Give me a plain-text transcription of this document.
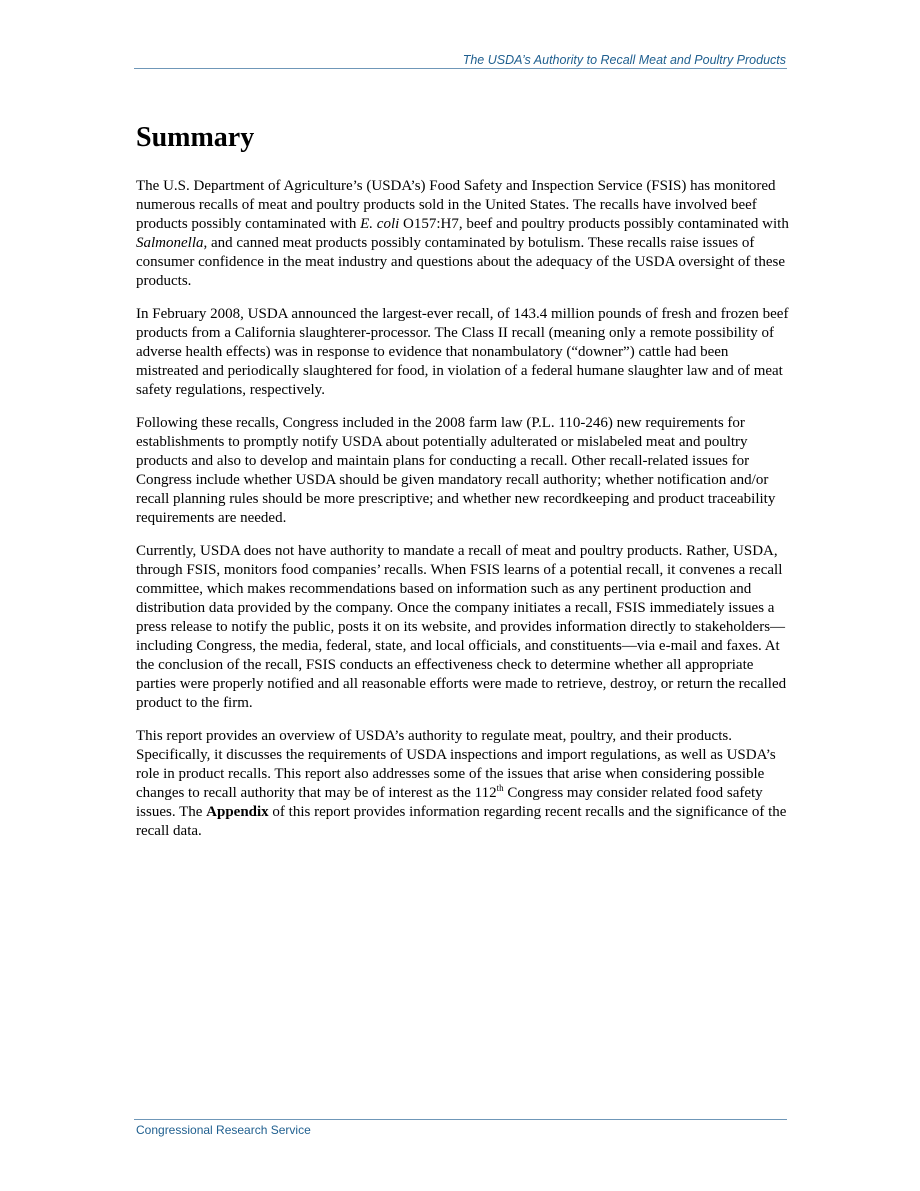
The USDA’s Authority to Recall Meat and Poultry Products
Summary

The U.S. Department of Agriculture’s (USDA’s) Food Safety and Inspection Service (FSIS) has monitored numerous recalls of meat and poultry products sold in the United States. The recalls have involved beef products possibly contaminated with E. coli O157:H7, beef and poultry products possibly contaminated with Salmonella, and canned meat products possibly contaminated by botulism. These recalls raise issues of consumer confidence in the meat industry and questions about the adequacy of the USDA oversight of these products.

In February 2008, USDA announced the largest-ever recall, of 143.4 million pounds of fresh and frozen beef products from a California slaughterer-processor. The Class II recall (meaning only a remote possibility of adverse health effects) was in response to evidence that nonambulatory (“downer”) cattle had been mistreated and periodically slaughtered for food, in violation of a federal humane slaughter law and of meat safety regulations, respectively.

Following these recalls, Congress included in the 2008 farm law (P.L. 110-246) new requirements for establishments to promptly notify USDA about potentially adulterated or mislabeled meat and poultry products and also to develop and maintain plans for conducting a recall. Other recall-related issues for Congress include whether USDA should be given mandatory recall authority; whether notification and/or recall planning rules should be more prescriptive; and whether new recordkeeping and product traceability requirements are needed.

Currently, USDA does not have authority to mandate a recall of meat and poultry products. Rather, USDA, through FSIS, monitors food companies’ recalls. When FSIS learns of a potential recall, it convenes a recall committee, which makes recommendations based on information such as any pertinent production and distribution data provided by the company. Once the company initiates a recall, FSIS immediately issues a press release to notify the public, posts it on its website, and provides information directly to stakeholders—including Congress, the media, federal, state, and local officials, and constituents—via e-mail and faxes. At the conclusion of the recall, FSIS conducts an effectiveness check to determine whether all appropriate parties were properly notified and all reasonable efforts were made to retrieve, destroy, or return the recalled product to the firm.

This report provides an overview of USDA’s authority to regulate meat, poultry, and their products. Specifically, it discusses the requirements of USDA inspections and import regulations, as well as USDA’s role in product recalls. This report also addresses some of the issues that arise when considering possible changes to recall authority that may be of interest as the 112th Congress may consider related food safety issues. The Appendix of this report provides information regarding recent recalls and the significance of the recall data.

Congressional Research Service
